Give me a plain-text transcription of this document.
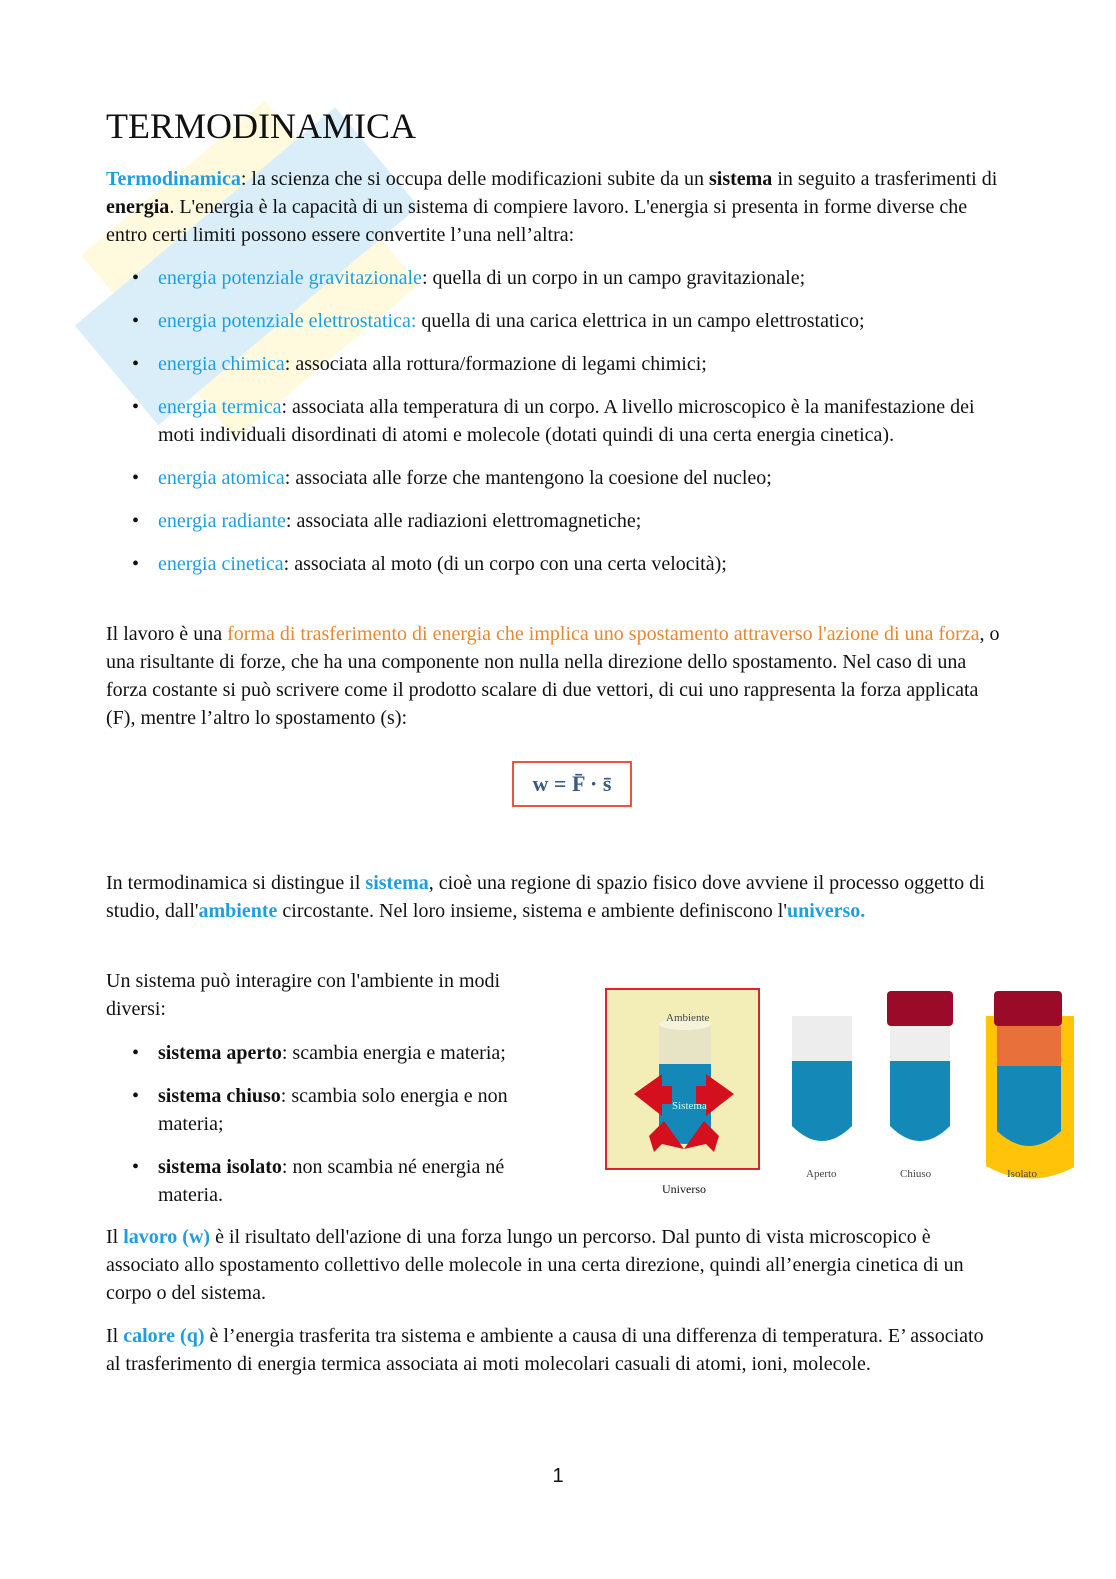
TERMODINAMICA

Termodinamica: la scienza che si occupa delle modificazioni subite da un sistema in seguito a trasferimenti di energia. L'energia è la capacità di un sistema di compiere lavoro. L'energia si presenta in forme diverse che entro certi limiti possono essere convertite l’una nell’altra:

• energia potenziale gravitazionale: quella di un corpo in un campo gravitazionale;
• energia potenziale elettrostatica: quella di una carica elettrica in un campo elettrostatico;
• energia chimica: associata alla rottura/formazione di legami chimici;
• energia termica: associata alla temperatura di un corpo. A livello microscopico è la manifestazione dei moti individuali disordinati di atomi e molecole (dotati quindi di una certa energia cinetica).
• energia atomica: associata alle forze che mantengono la coesione del nucleo;
• energia radiante: associata alle radiazioni elettromagnetiche;
• energia cinetica: associata al moto (di un corpo con una certa velocità);

Il lavoro è una forma di trasferimento di energia che implica uno spostamento attraverso l'azione di una forza, o una risultante di forze, che ha una componente non nulla nella direzione dello spostamento. Nel caso di una forza costante si può scrivere come il prodotto scalare di due vettori, di cui uno rappresenta la forza applicata (F), mentre l’altro lo spostamento (s):

w = F̄ · s̄

In termodinamica si distingue il sistema, cioè una regione di spazio fisico dove avviene il processo oggetto di studio, dall'ambiente circostante. Nel loro insieme, sistema e ambiente definiscono l'universo.

Un sistema può interagire con l'ambiente in modi diversi:

• sistema aperto: scambia energia e materia;
• sistema chiuso: scambia solo energia e non materia;
• sistema isolato: non scambia né energia né materia.
Ambiente
Sistema
Universo
Aperto	Chiuso	Isolato

Il lavoro (w) è il risultato dell'azione di una forza lungo un percorso. Dal punto di vista microscopico è associato allo spostamento collettivo delle molecole in una certa direzione, quindi all’energia cinetica di un corpo o del sistema.

Il calore (q) è l’energia trasferita tra sistema e ambiente a causa di una differenza di temperatura. E’ associato al trasferimento di energia termica associata ai moti molecolari casuali di atomi, ioni, molecole.

1
